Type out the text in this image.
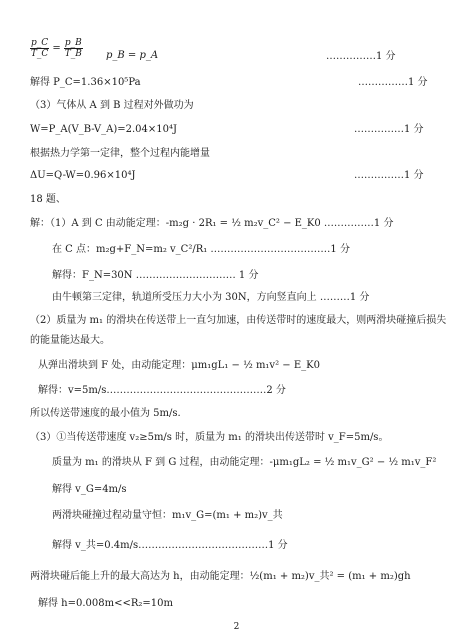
$\frac{p\_C}{T\_C} = \frac{p\_B}{T\_B}$ p_B = p_A	……………1 分
解得 P_C=1.36×10⁵Pa	……………1 分
（3）气体从 A 到 B 过程对外做功为
W=P_A(V_B-V_A)=2.04×10⁴J	……………1 分
根据热力学第一定律，整个过程内能增量
ΔU=Q-W=0.96×10⁴J	……………1 分
18 题、
解：（1）A 到 C 由动能定理：-m₂g · 2R₁ = ½ m₂v_C² − E_K0 ……………1 分
在 C 点：m₂g+F_N=m₂ v_C²/R₁ ………………………………1 分
解得：F_N=30N ………………………… 1 分
由牛顿第三定律，轨道所受压力大小为 30N，方向竖直向上 ………1 分
（2）质量为 m₁ 的滑块在传送带上一直匀加速，由传送带时的速度最大，则两滑块碰撞后损失
的能量能达最大。
从弹出滑块到 F 处，由动能定理：μm₁gL₁ − ½ m₁v² − E_K0
解得：v=5m/s…………………………………………2 分
所以传送带速度的最小值为 5m/s.
（3）①当传送带速度 v₂≥5m/s 时，质量为 m₁ 的滑块出传送带时 v_F=5m/s。
质量为 m₁ 的滑块从 F 到 G 过程，由动能定理：-μm₁gL₂ = ½ m₁v_G² − ½ m₁v_F²
解得 v_G=4m/s
两滑块碰撞过程动量守恒：m₁v_G=(m₁ + m₂)v_共
解得 v_共=0.4m/s…………………………………1 分
两滑块碰后能上升的最大高达为 h，由动能定理：½(m₁ + m₂)v_共² = (m₁ + m₂)gh
解得 h=0.008m<<R₂=10m
2
